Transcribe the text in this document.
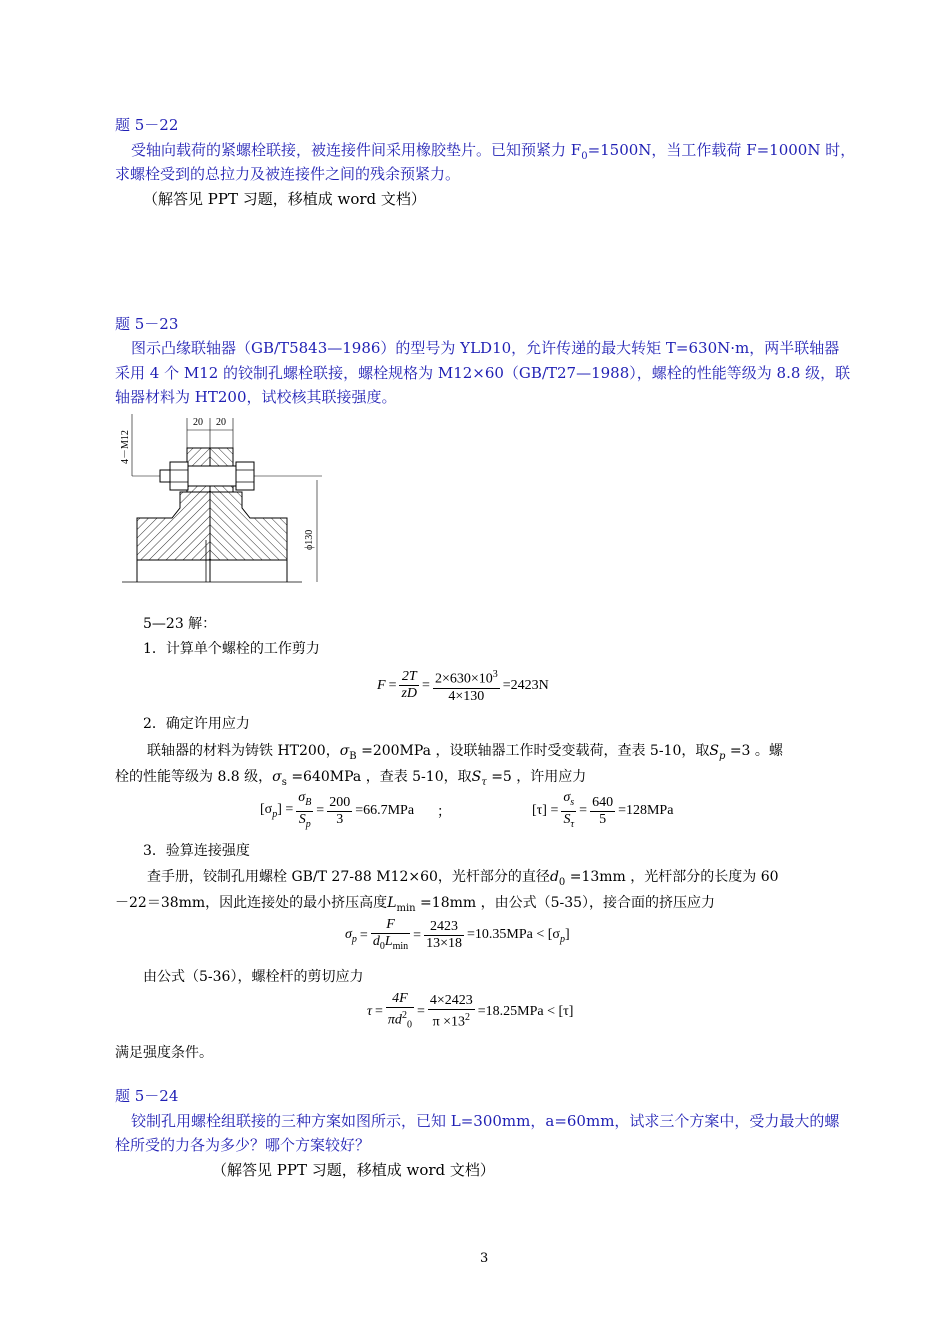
题 5－22
受轴向载荷的紧螺栓联接，被连接件间采用橡胶垫片。已知预紧力 $F_0=1500N$，当工作载荷 F=1000N 时，
求螺栓受到的总拉力及被连接件之间的残余预紧力。
（解答见 PPT 习题，移植成 word 文档）
题 5－23
图示凸缘联轴器（GB/T5843—1986）的型号为 YLD10，允许传递的最大转矩 T=630N·m，两半联轴器
采用 4 个 M12 的铰制孔螺栓联接，螺栓规格为 M12×60（GB/T27—1988），螺栓的性能等级为 8.8 级，联
轴器材料为 HT200，试校核其联接强度。
20 20
4－M12
ϕ130
5—23 解：
1．计算单个螺栓的工作剪力
$F = \frac{2T}{zD} = \frac{2\times 630\times 10^3}{4\times 130} =2423N$
2．确定许用应力
联轴器的材料为铸铁 HT200，$\sigma_B =200MPa$ ，设联轴器工作时受变载荷，查表 5-10，取$S_p =3$ 。螺
栓的性能等级为 8.8 级，$\sigma_s =640MPa$ ，查表 5-10，取$S_\tau =5$ ，许用应力
$[\sigma_p] = \frac{\sigma_B}{S_p} = \frac{200}{3} =66.7MPa$ ；	$[\tau] = \frac{\sigma_s}{S_\tau} = \frac{640}{5} =128MPa$
3．验算连接强度
查手册，铰制孔用螺栓 GB/T 27-88 M12×60，光杆部分的直径$d_0 =13mm$ ，光杆部分的长度为 60
－22＝38mm，因此连接处的最小挤压高度$L_{min} =18mm$ ，由公式（5-35），接合面的挤压应力
$\sigma_p = \frac{F}{d_0L_{min}} = \frac{2423}{13\times 18} =10.35MPa < [\sigma_p]$
由公式（5-36），螺栓杆的剪切应力
$\tau = \frac{4F}{\pi d^2_0} = \frac{4\times 2423}{\pi \times 13^2} =18.25MPa < [\tau]$
满足强度条件。
题 5－24
铰制孔用螺栓组联接的三种方案如图所示，已知 L=300mm，a=60mm，试求三个方案中，受力最大的螺
栓所受的力各为多少？哪个方案较好？
（解答见 PPT 习题，移植成 word 文档）
3
